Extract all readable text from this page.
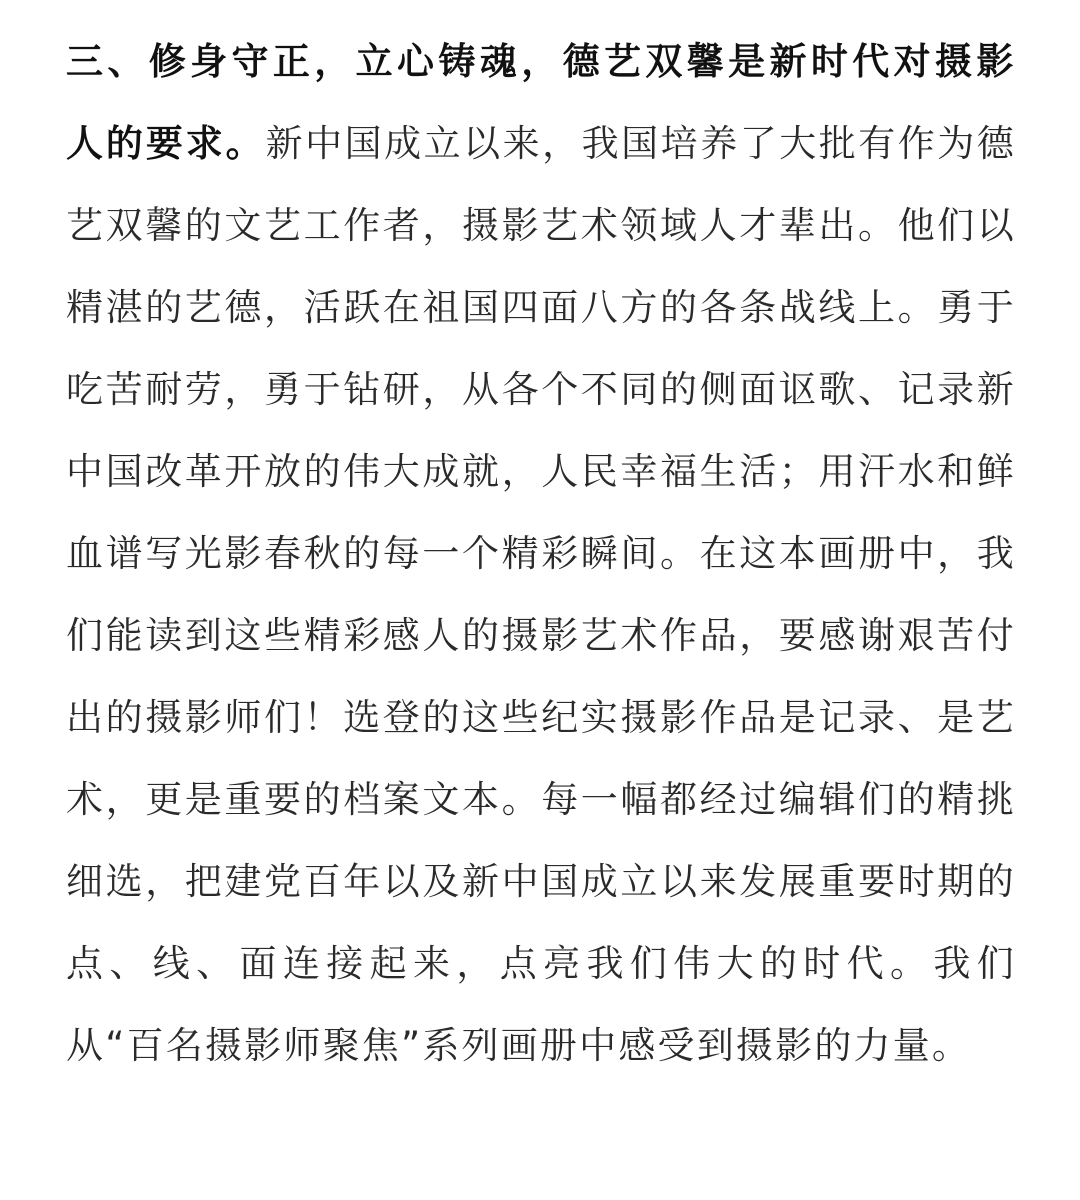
三、修身守正，立心铸魂，德艺双馨是新时代对摄影人的要求。新中国成立以来，我国培养了大批有作为德艺双馨的文艺工作者，摄影艺术领域人才辈出。他们以精湛的艺德，活跃在祖国四面八方的各条战线上。勇于吃苦耐劳，勇于钻研，从各个不同的侧面讴歌、记录新中国改革开放的伟大成就，人民幸福生活；用汗水和鲜血谱写光影春秋的每一个精彩瞬间。在这本画册中，我们能读到这些精彩感人的摄影艺术作品，要感谢艰苦付出的摄影师们！选登的这些纪实摄影作品是记录、是艺术，更是重要的档案文本。每一幅都经过编辑们的精挑细选，把建党百年以及新中国成立以来发展重要时期的点、线、面连接起来，点亮我们伟大的时代。我们从“百名摄影师聚焦”系列画册中感受到摄影的力量。
